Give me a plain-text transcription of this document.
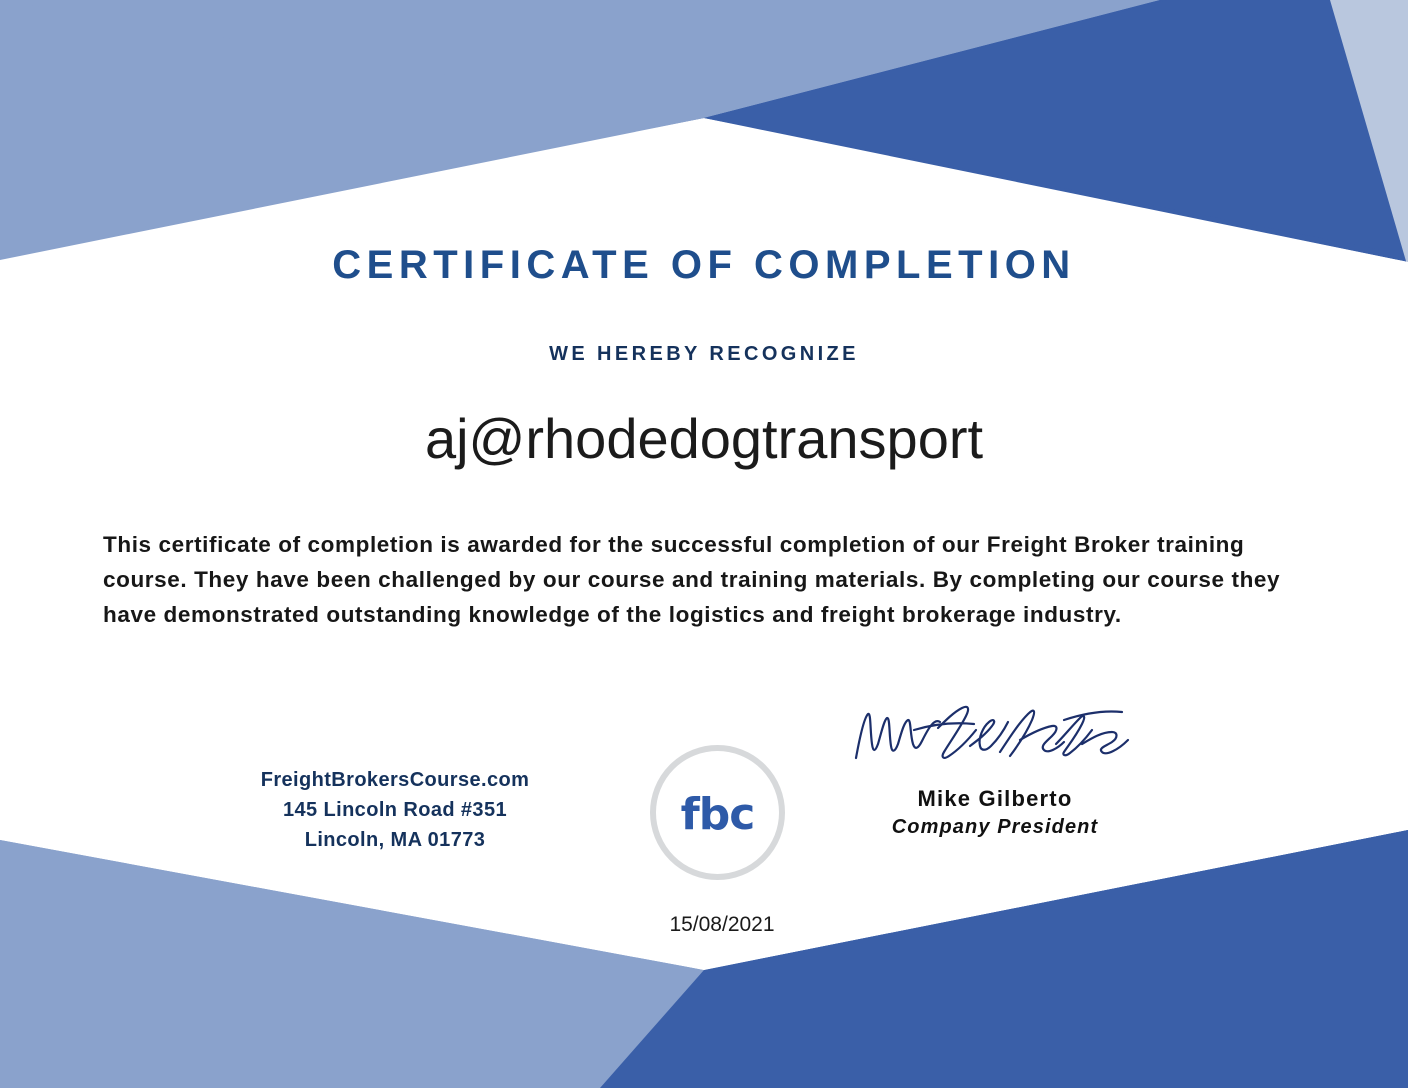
CERTIFICATE OF COMPLETION
WE HEREBY RECOGNIZE
aj@rhodedogtransport
This certificate of completion is awarded for the successful completion of our Freight Broker training course. They have been challenged by our course and training materials. By completing our course they have demonstrated outstanding knowledge of the logistics and freight brokerage industry.
FreightBrokersCourse.com
145 Lincoln Road #351
Lincoln, MA 01773
fbc	Mike Gilberto
Company President
15/08/2021
